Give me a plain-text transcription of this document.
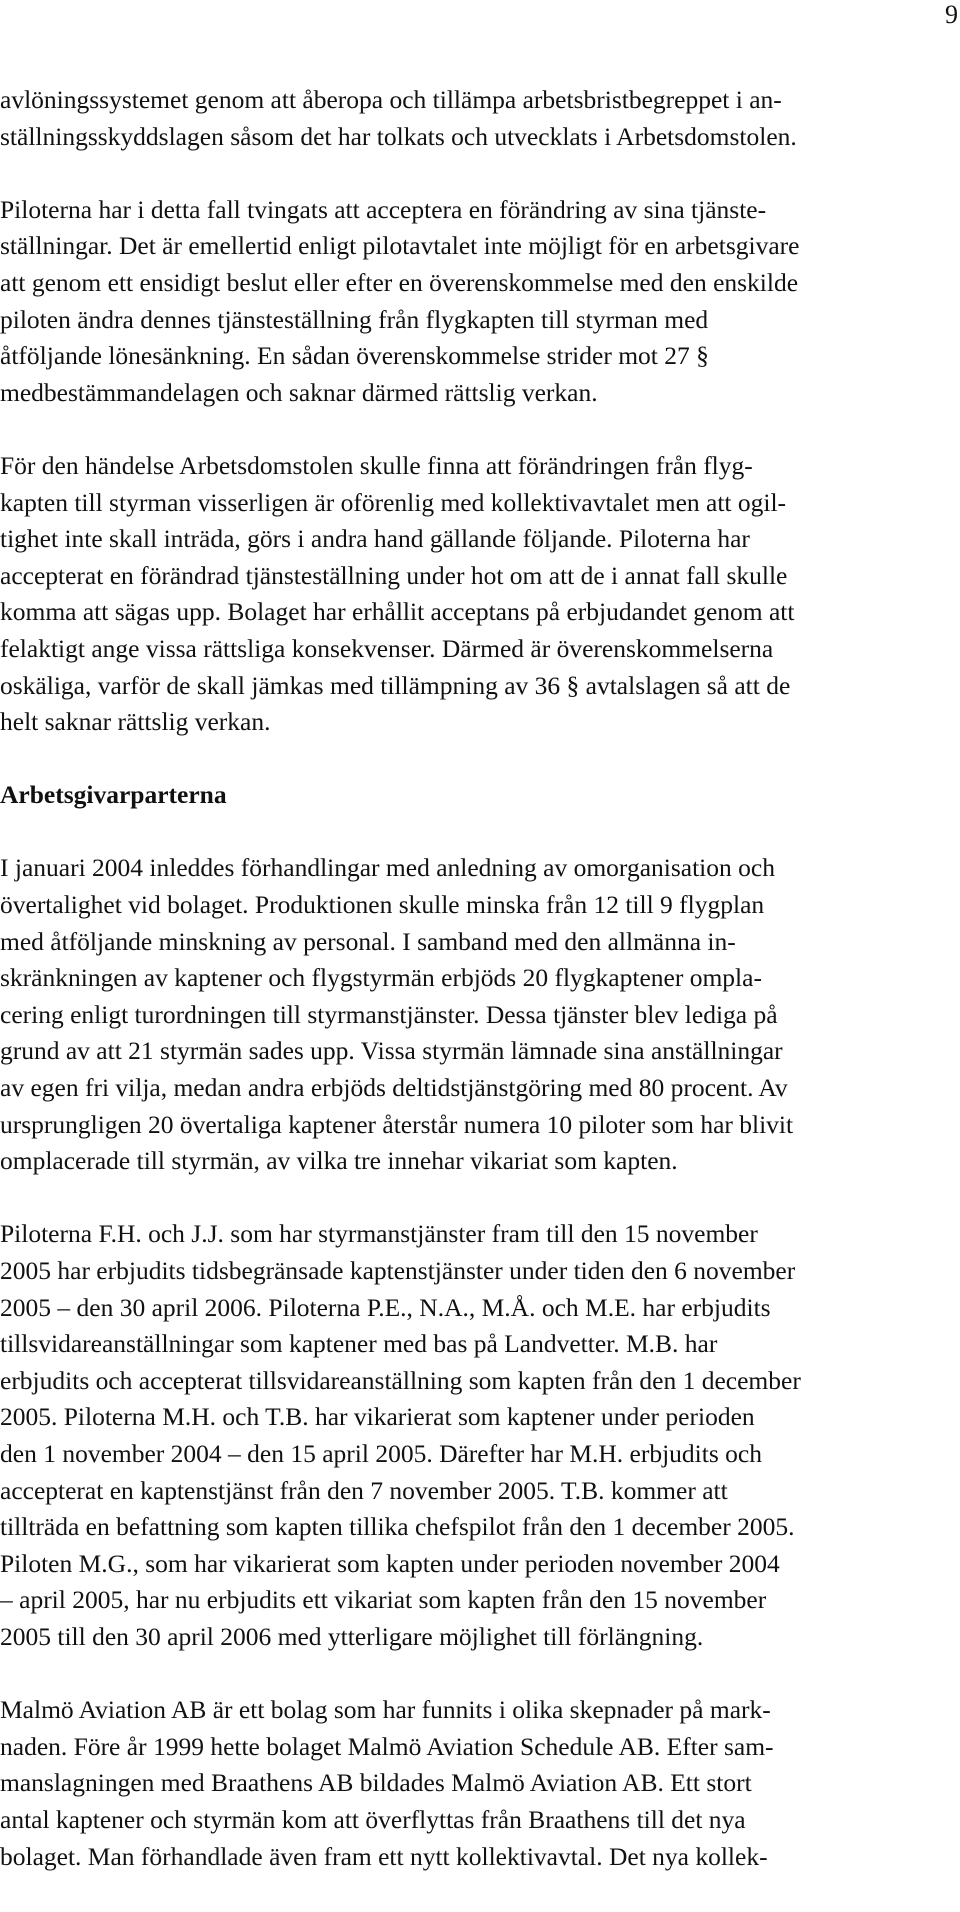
9
avlöningssystemet genom att åberopa och tillämpa arbetsbristbegreppet i an-
ställningsskyddslagen såsom det har tolkats och utvecklats i Arbetsdomstolen.
Piloterna har i detta fall tvingats att acceptera en förändring av sina tjänste-
ställningar. Det är emellertid enligt pilotavtalet inte möjligt för en arbetsgivare
att genom ett ensidigt beslut eller efter en överenskommelse med den enskilde
piloten ändra dennes tjänsteställning från flygkapten till styrman med
åtföljande lönesänkning. En sådan överenskommelse strider mot 27 §
medbestämmandelagen och saknar därmed rättslig verkan.
För den händelse Arbetsdomstolen skulle finna att förändringen från flyg-
kapten till styrman visserligen är oförenlig med kollektivavtalet men att ogil-
tighet inte skall inträda, görs i andra hand gällande följande. Piloterna har
accepterat en förändrad tjänsteställning under hot om att de i annat fall skulle
komma att sägas upp. Bolaget har erhållit acceptans på erbjudandet genom att
felaktigt ange vissa rättsliga konsekvenser. Därmed är överenskommelserna
oskäliga, varför de skall jämkas med tillämpning av 36 § avtalslagen så att de
helt saknar rättslig verkan.
Arbetsgivarparterna
I januari 2004 inleddes förhandlingar med anledning av omorganisation och
övertalighet vid bolaget. Produktionen skulle minska från 12 till 9 flygplan
med åtföljande minskning av personal. I samband med den allmänna in-
skränkningen av kaptener och flygstyrmän erbjöds 20 flygkaptener ompla-
cering enligt turordningen till styrmanstjänster. Dessa tjänster blev lediga på
grund av att 21 styrmän sades upp. Vissa styrmän lämnade sina anställningar
av egen fri vilja, medan andra erbjöds deltidstjänstgöring med 80 procent. Av
ursprungligen 20 övertaliga kaptener återstår numera 10 piloter som har blivit
omplacerade till styrmän, av vilka tre innehar vikariat som kapten.
Piloterna F.H. och J.J. som har styrmanstjänster fram till den 15 november
2005 har erbjudits tidsbegränsade kaptenstjänster under tiden den 6 november
2005 – den 30 april 2006. Piloterna P.E., N.A., M.Å. och M.E. har erbjudits
tillsvidareanställningar som kaptener med bas på Landvetter. M.B. har
erbjudits och accepterat tillsvidareanställning som kapten från den 1 december
2005. Piloterna M.H. och T.B. har vikarierat som kaptener under perioden
den 1 november 2004 – den 15 april 2005. Därefter har M.H. erbjudits och
accepterat en kaptenstjänst från den 7 november 2005. T.B. kommer att
tillträda en befattning som kapten tillika chefspilot från den 1 december 2005.
Piloten M.G., som har vikarierat som kapten under perioden november 2004
– april 2005, har nu erbjudits ett vikariat som kapten från den 15 november
2005 till den 30 april 2006 med ytterligare möjlighet till förlängning.
Malmö Aviation AB är ett bolag som har funnits i olika skepnader på mark-
naden. Före år 1999 hette bolaget Malmö Aviation Schedule AB. Efter sam-
manslagningen med Braathens AB bildades Malmö Aviation AB. Ett stort
antal kaptener och styrmän kom att överflyttas från Braathens till det nya
bolaget. Man förhandlade även fram ett nytt kollektivavtal. Det nya kollek-
